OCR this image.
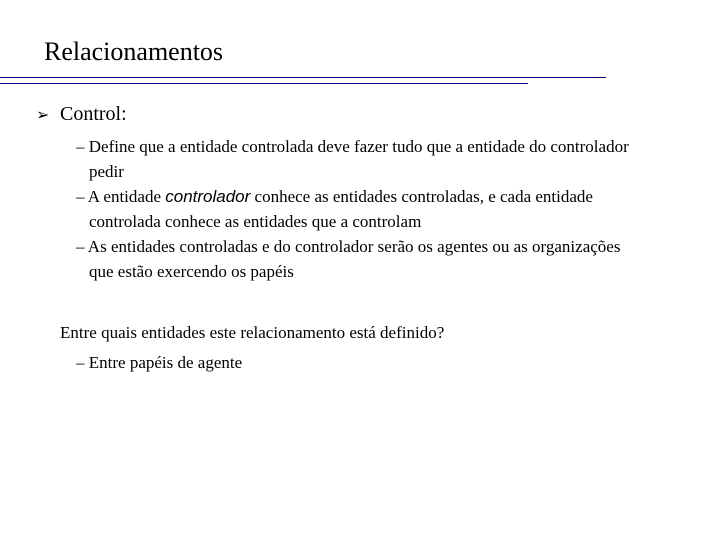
Relacionamentos
➢ Control:

– Define que a entidade controlada deve fazer tudo que a entidade do controlador pedir

– A entidade controlador conhece as entidades controladas, e cada entidade controlada conhece as entidades que a controlam

– As entidades controladas e do controlador serão os agentes ou as organizações que estão exercendo os papéis

Entre quais entidades este relacionamento está definido?
– Entre papéis de agente
